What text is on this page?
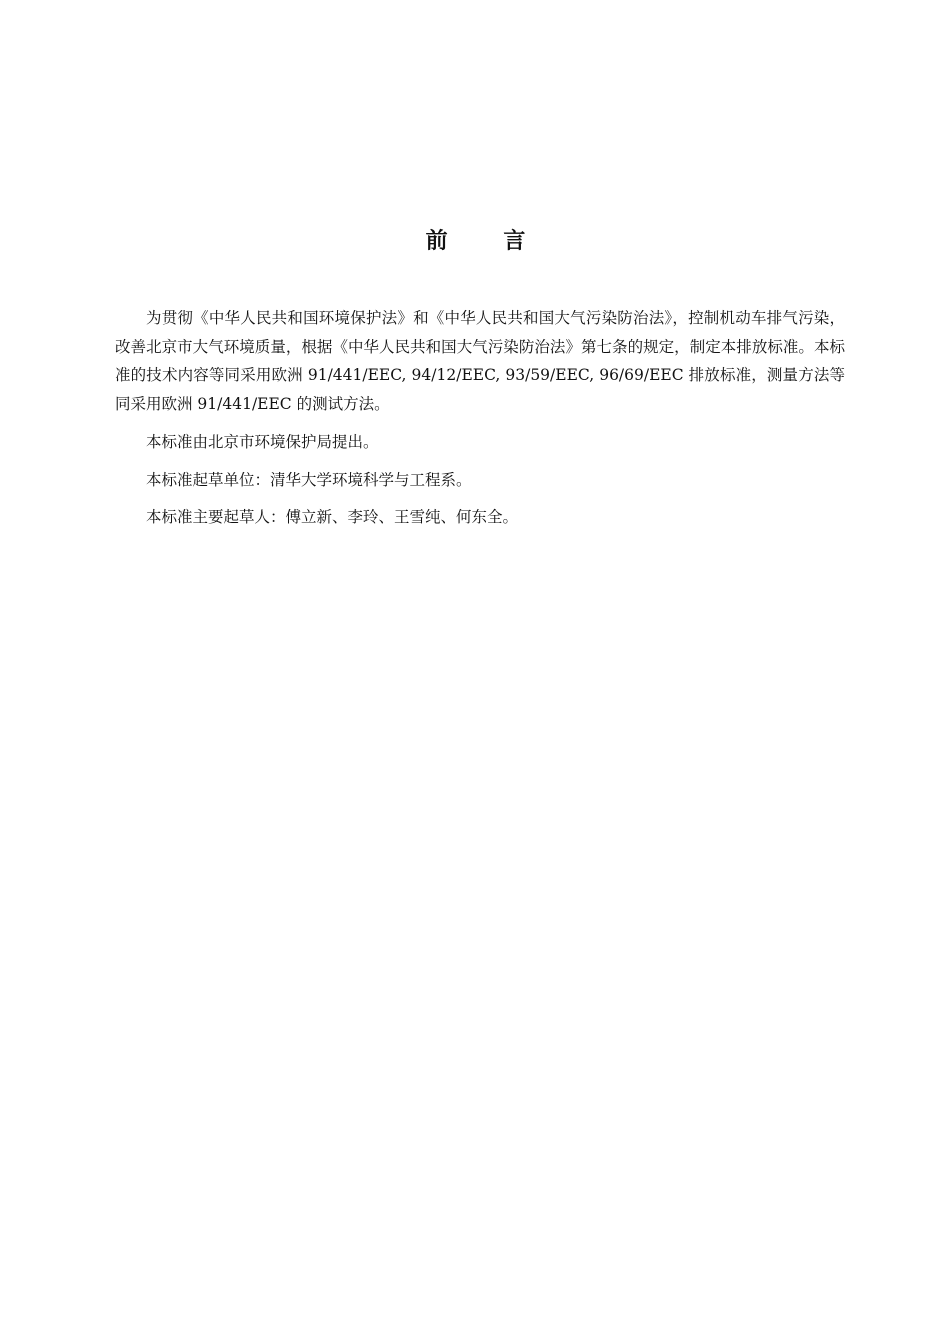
前 言

为贯彻《中华人民共和国环境保护法》和《中华人民共和国大气污染防治法》，控制机动车排气污染，改善北京市大气环境质量，根据《中华人民共和国大气污染防治法》第七条的规定，制定本排放标准。本标准的技术内容等同采用欧洲 91/441/EEC, 94/12/EEC, 93/59/EEC, 96/69/EEC 排放标准，测量方法等同采用欧洲 91/441/EEC 的测试方法。

本标准由北京市环境保护局提出。

本标准起草单位：清华大学环境科学与工程系。

本标准主要起草人：傅立新、李玲、王雪纯、何东全。
